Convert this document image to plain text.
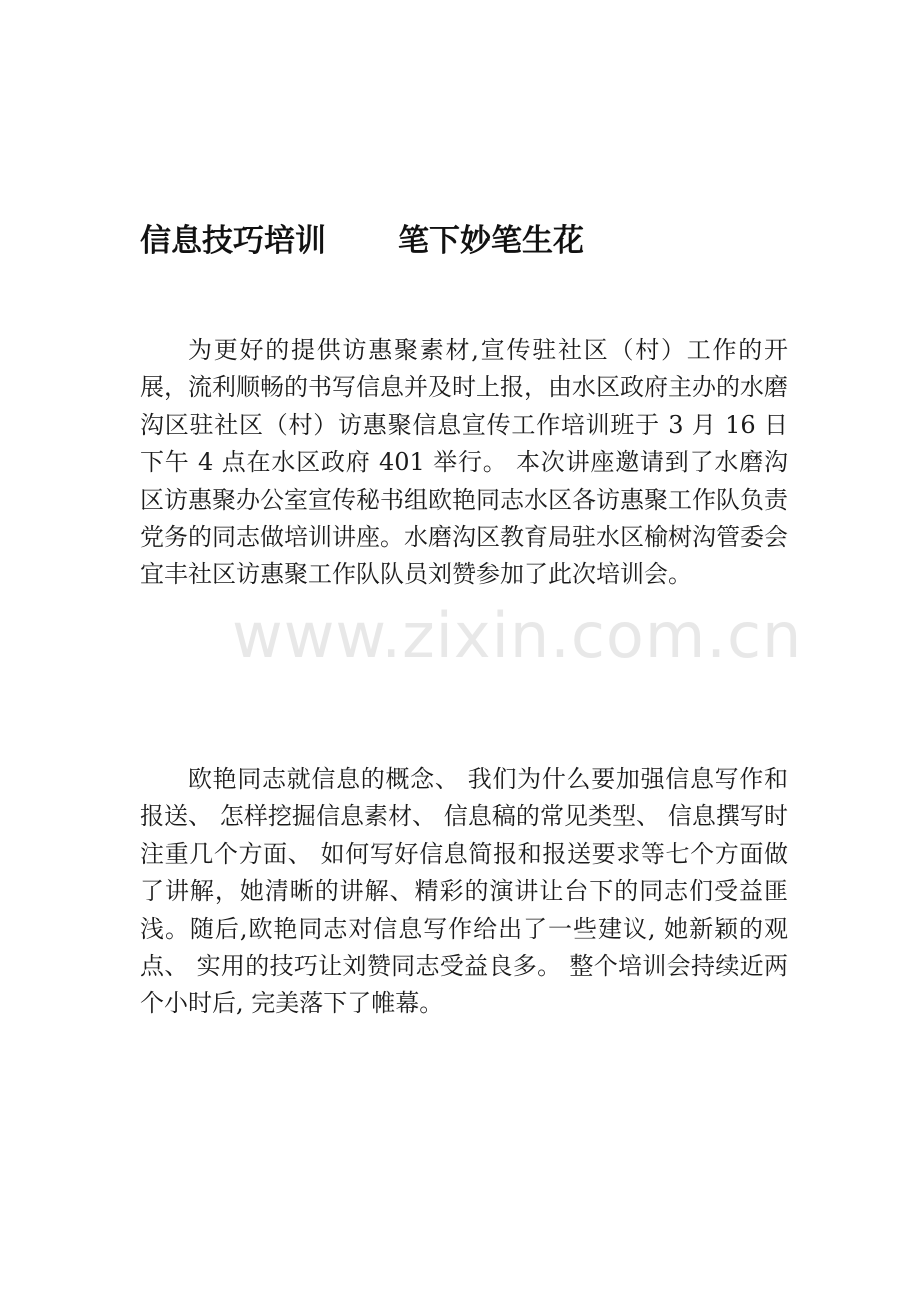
信息技巧培训 笔下妙笔生花

为更好的提供访惠聚素材,宣传驻社区（村）工作的开展，流利顺畅的书写信息并及时上报，由水区政府主办的水磨沟区驻社区（村）访惠聚信息宣传工作培训班于 3 月 16 日下午 4 点在水区政府 401 举行。 本次讲座邀请到了水磨沟区访惠聚办公室宣传秘书组欧艳同志水区各访惠聚工作队负责党务的同志做培训讲座。水磨沟区教育局驻水区榆树沟管委会宜丰社区访惠聚工作队队员刘赞参加了此次培训会。

www.zixin.com.cn

欧艳同志就信息的概念、 我们为什么要加强信息写作和报送、 怎样挖掘信息素材、 信息稿的常见类型、 信息撰写时注重几个方面、 如何写好信息简报和报送要求等七个方面做了讲解，她清晰的讲解、精彩的演讲让台下的同志们受益匪浅。随后,欧艳同志对信息写作给出了一些建议, 她新颖的观点、 实用的技巧让刘赞同志受益良多。 整个培训会持续近两个小时后, 完美落下了帷幕。
